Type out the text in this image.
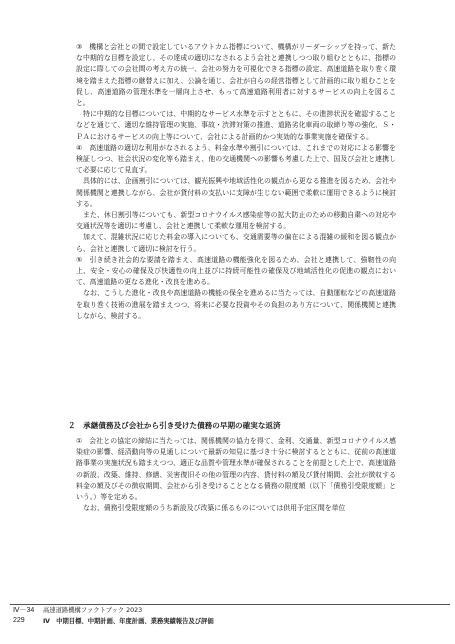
③　機構と会社との間で設定しているアウトカム指標について、機構がリーダーシップを持って、新たな中期的な目標を設定し、その達成の適切になされるよう会社と連携しつつ取り組むとともに、指標の設定に際しての会社間の考え方の統一、会社の努力を可視化できる指標の設定、高速道路を取り巻く環境を踏まえた指標の継替えに加え、公論を通じ、会社が自らの経営指標として計画的に取り組むことを促し、高速道路の管理水準を一層向上させ、もって高速道路利用者に対するサービスの向上を図ること。

特に中期的な目標については、中期的なサービス水準を示すとともに、その進捗状況を確認することなどを通じて、適切な維持管理の実施、事故・渋滞対策の推進、道路劣化車両の取締り等の強化、Ｓ・ＰＡにおけるサービスの向上等について、会社による計画的かつ実効的な事業実施を確保する。

④　高速道路の適切な利用がなされるよう、料金水準や割引については、これまでの対応による影響を検証しつつ、社会状況の変化等も踏まえ、他の交通機関への影響も考慮した上で、国及び会社と連携して必要に応じて見直す。

具体的には、企画割引については、観光振興や地域活性化の観点から更なる推進を図るため、会社や関係機関と連携しながら、会社が貸付料の支払いに支障が生じない範囲で柔軟に運用できるように検討する。

また、休日割引等についても、新型コロナウイルス感染症等の拡大防止のための移動自粛への対応や交通状況等を適切に考慮し、会社と連携して柔軟な運用を検討する。

加えて、混雑状況に応じた料金の導入についても、交通需要等の偏在による混雑の緩和を図る観点から、会社と連携して適切に検討を行う。

⑤　引き続き社会的な要請を踏まえ、高速道路の機能強化を図るため、会社と連携して、強靭性の向上、安全・安心の確保及び快適性の向上並びに持続可能性の確保及び地域活性化の促進の観点において、高速道路の更なる進化・改良を進める。

なお、こうした進化・改良や高速道路の機能の保全を進めるに当たっては、自動運転などの高速道路を取り巻く技術の進展を踏まえつつ、将来に必要な投資やその負担のあり方について、関係機関と連携しながら、検討する。

２　承継債務及び会社から引き受けた債務の早期の確実な返済

①　会社との協定の締結に当たっては、関係機関の協力を得て、金利、交通量、新型コロナウイルス感染症の影響、経済動向等の見通しについて最新の知見に基づき十分に検討するとともに、従前の高速道路事業の実施状況も踏まえつつ、適正な品質や管理水準が確保されることを前提とした上で、高速道路の新設、改築、維持、修繕、災害復旧その他の管理の内容、貸付料の額及び貸付期間、会社が徴収する料金の額及びその徴収期間、会社から引き受けることとなる債務の限度額（以下「債務引受限度額」という。）等を定める。

なお、債務引受限度額のうち新設及び改築に係るものについては供用予定区間を単位

Ⅳ－34
229
高速道路機構ファクトブック 2023
Ⅳ　中期目標、中期計画、年度計画、業務実績報告及び評価
